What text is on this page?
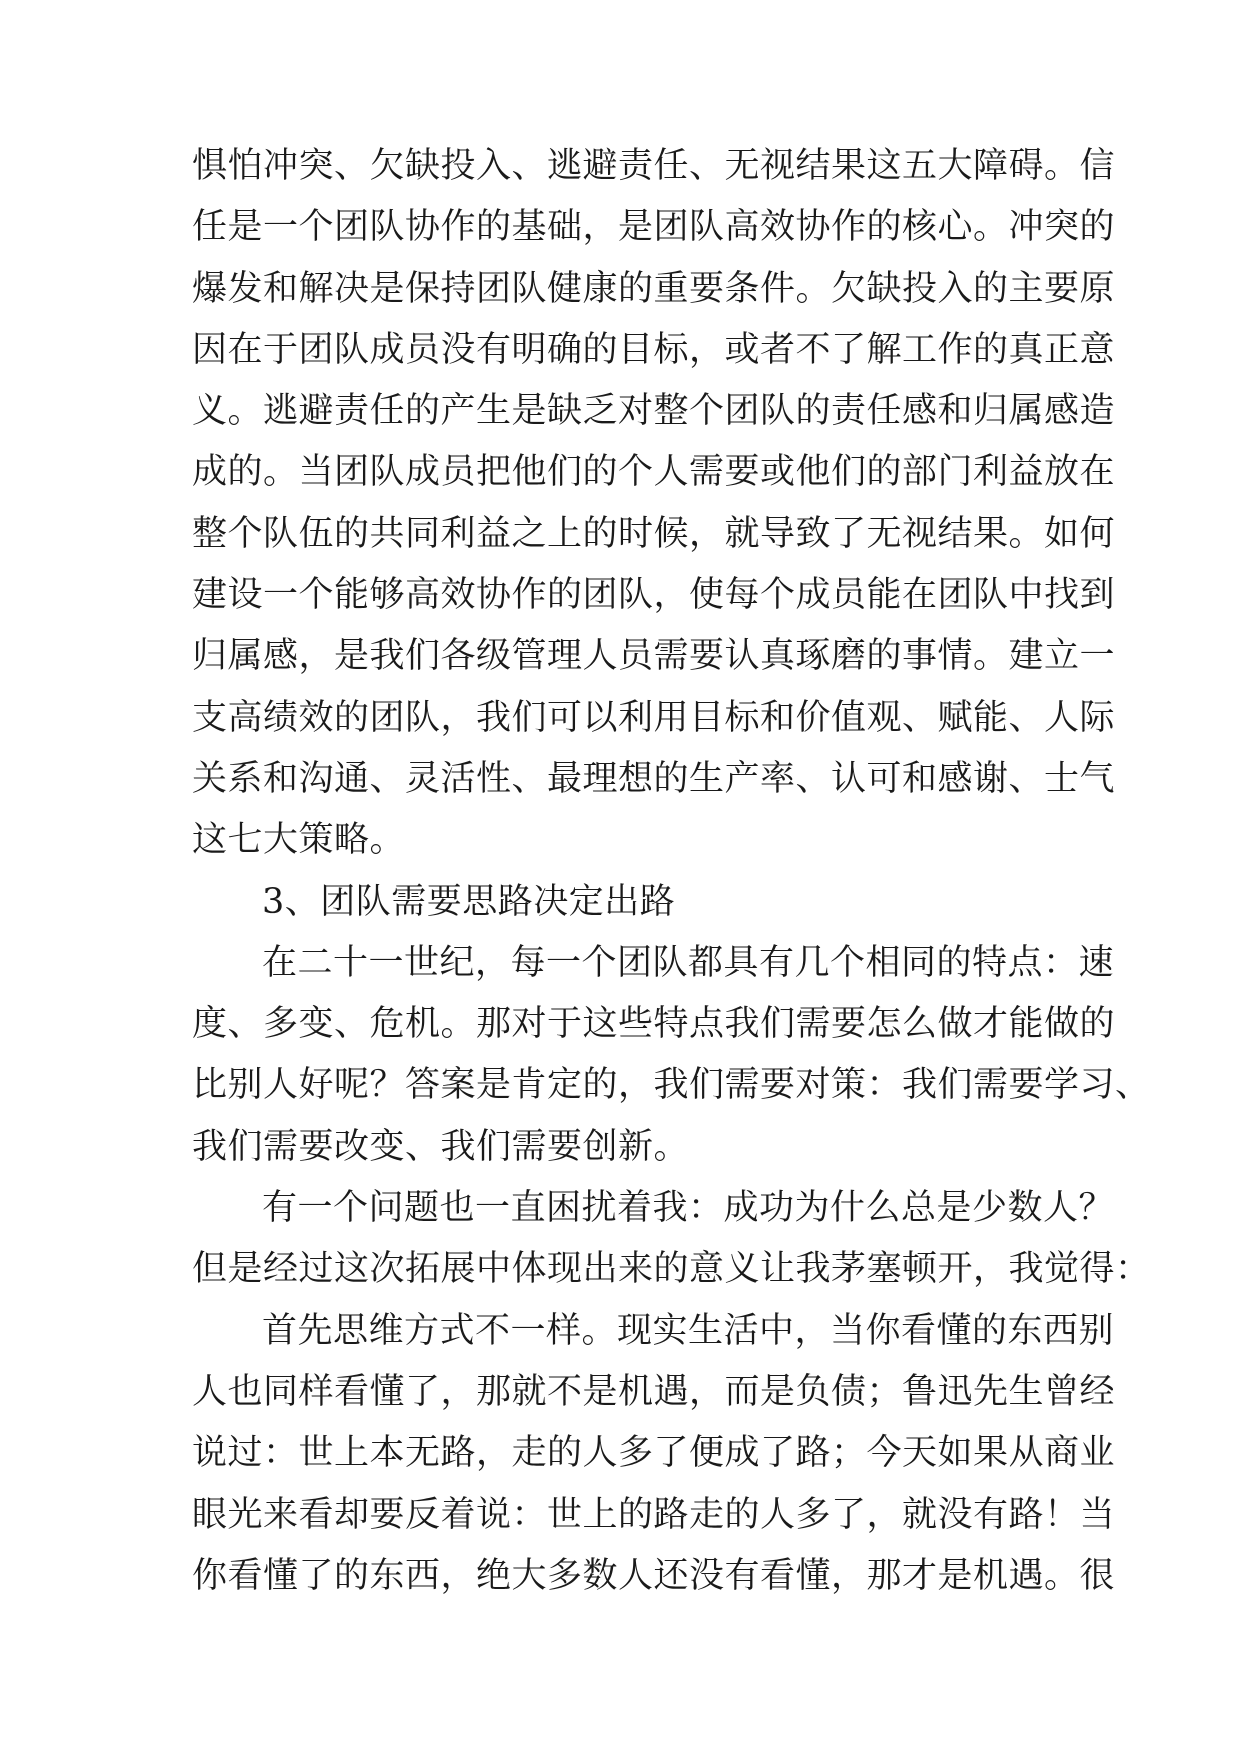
惧怕冲突、欠缺投入、逃避责任、无视结果这五大障碍。信
任是一个团队协作的基础，是团队高效协作的核心。冲突的
爆发和解决是保持团队健康的重要条件。欠缺投入的主要原
因在于团队成员没有明确的目标，或者不了解工作的真正意
义。逃避责任的产生是缺乏对整个团队的责任感和归属感造
成的。当团队成员把他们的个人需要或他们的部门利益放在
整个队伍的共同利益之上的时候，就导致了无视结果。如何
建设一个能够高效协作的团队，使每个成员能在团队中找到
归属感，是我们各级管理人员需要认真琢磨的事情。建立一
支高绩效的团队，我们可以利用目标和价值观、赋能、人际
关系和沟通、灵活性、最理想的生产率、认可和感谢、士气
这七大策略。
3、团队需要思路决定出路
在二十一世纪，每一个团队都具有几个相同的特点：速
度、多变、危机。那对于这些特点我们需要怎么做才能做的
比别人好呢？答案是肯定的，我们需要对策：我们需要学习、
我们需要改变、我们需要创新。
有一个问题也一直困扰着我：成功为什么总是少数人？
但是经过这次拓展中体现出来的意义让我茅塞顿开，我觉得：
首先思维方式不一样。现实生活中，当你看懂的东西别
人也同样看懂了，那就不是机遇，而是负债；鲁迅先生曾经
说过：世上本无路，走的人多了便成了路；今天如果从商业
眼光来看却要反着说：世上的路走的人多了，就没有路！当
你看懂了的东西，绝大多数人还没有看懂，那才是机遇。很
